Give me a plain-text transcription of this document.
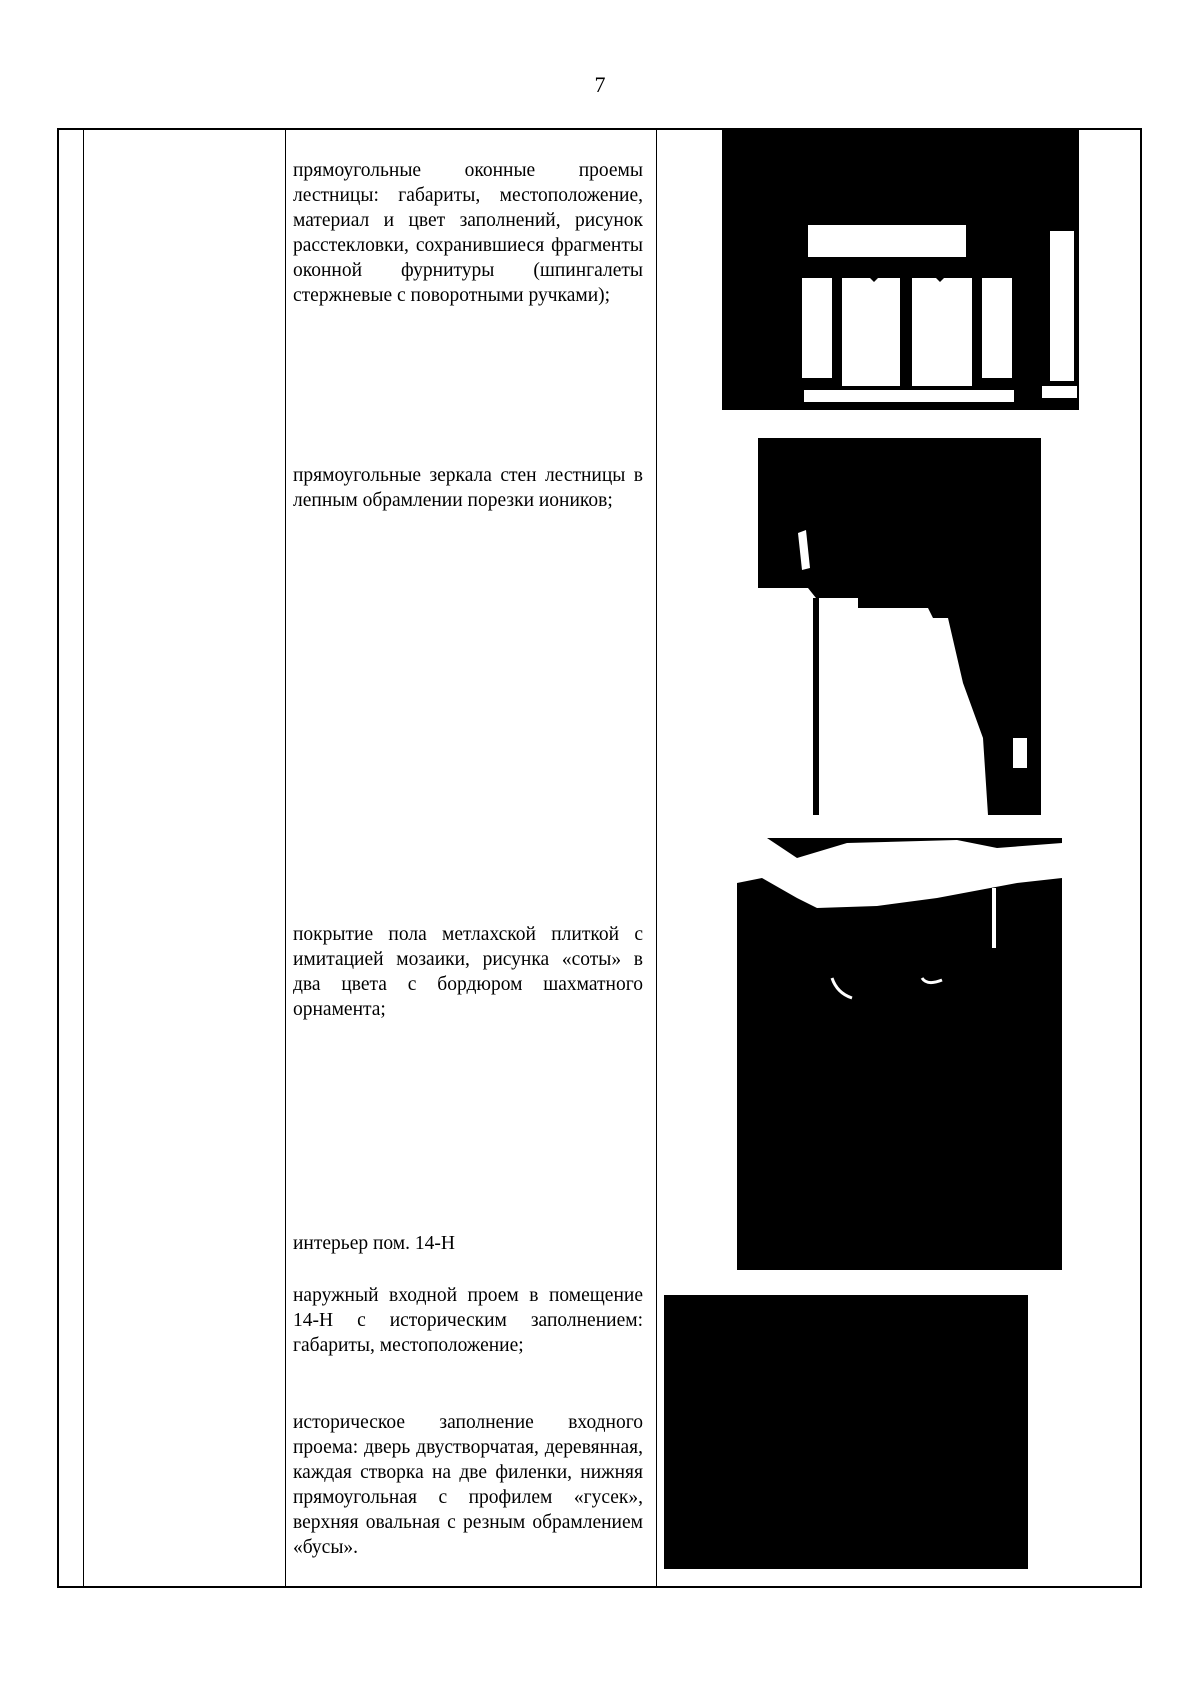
7
прямоугольные оконные проемы лестницы: габариты, местоположение, материал и цвет заполнений, рисунок расстекловки, сохранившиеся фрагменты оконной фурнитуры (шпингалеты стержневые с поворотными ручками);
прямоугольные зеркала стен лестницы в лепным обрамлении порезки иоников;
покрытие пола метлахской плиткой с имитацией мозаики, рисунка «соты» в два цвета с бордюром шахматного орнамента;
интерьер пом. 14-Н
наружный входной проем в помещение 14-Н с историческим заполнением: габариты, местоположение;
историческое заполнение входного проема: дверь двустворчатая, деревянная, каждая створка на две филенки, нижняя прямоугольная с профилем «гусек», верхняя овальная с резным обрамлением «бусы».
